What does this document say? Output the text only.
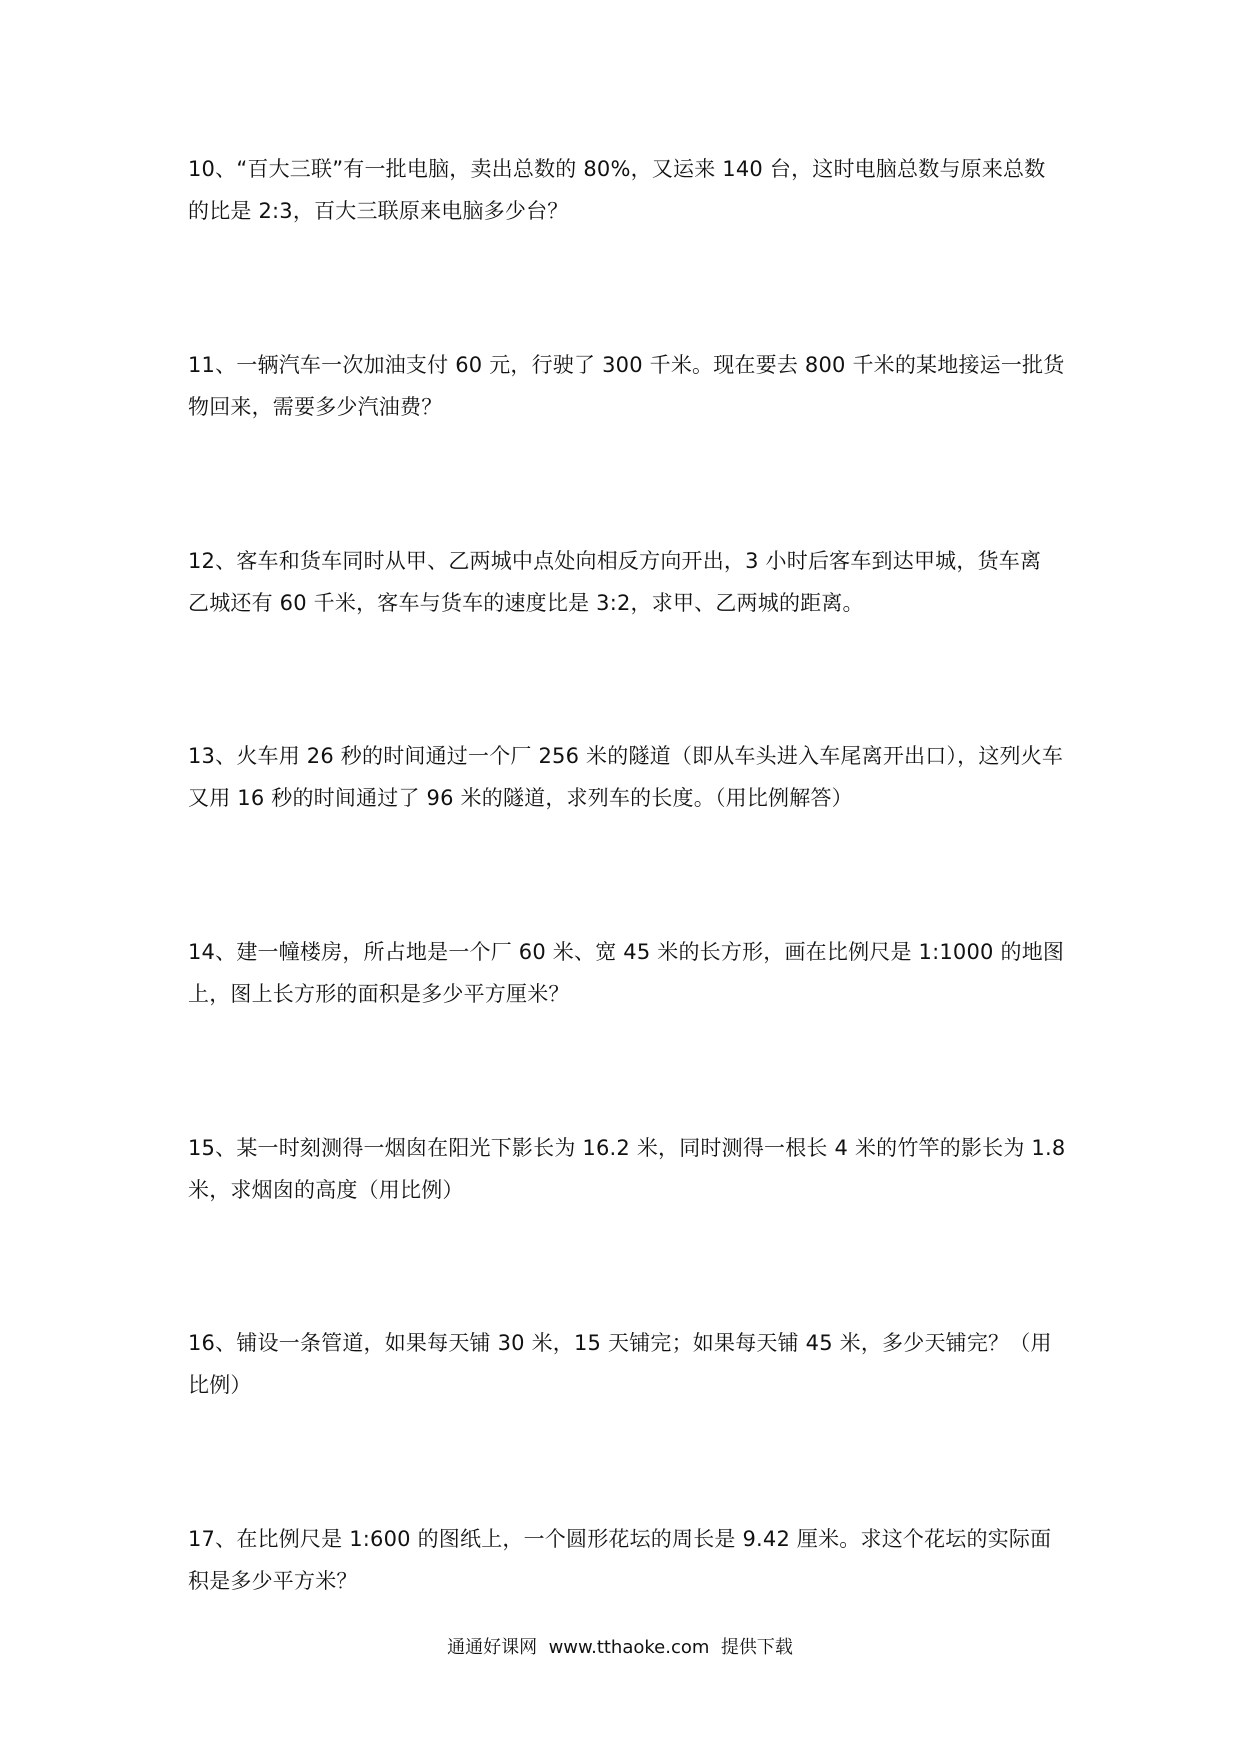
10、“百大三联”有一批电脑，卖出总数的 80%，又运来 140 台，这时电脑总数与原来总数
的比是 2:3，百大三联原来电脑多少台？
11、一辆汽车一次加油支付 60 元，行驶了 300 千米。现在要去 800 千米的某地接运一批货
物回来，需要多少汽油费？
12、客车和货车同时从甲、乙两城中点处向相反方向开出，3 小时后客车到达甲城，货车离
乙城还有 60 千米，客车与货车的速度比是 3:2，求甲、乙两城的距离。
13、火车用 26 秒的时间通过一个厂 256 米的隧道（即从车头进入车尾离开出口），这列火车
又用 16 秒的时间通过了 96 米的隧道，求列车的长度。（用比例解答）
14、建一幢楼房，所占地是一个厂 60 米、宽 45 米的长方形，画在比例尺是 1:1000 的地图
上，图上长方形的面积是多少平方厘米？
15、某一时刻测得一烟囱在阳光下影长为 16.2 米，同时测得一根长 4 米的竹竿的影长为 1.8
米，求烟囱的高度（用比例）
16、铺设一条管道，如果每天铺 30 米，15 天铺完；如果每天铺 45 米，多少天铺完？（用
比例）
17、在比例尺是 1:600 的图纸上，一个圆形花坛的周长是 9.42 厘米。求这个花坛的实际面
积是多少平方米？
通通好课网  www.tthaoke.com  提供下载
